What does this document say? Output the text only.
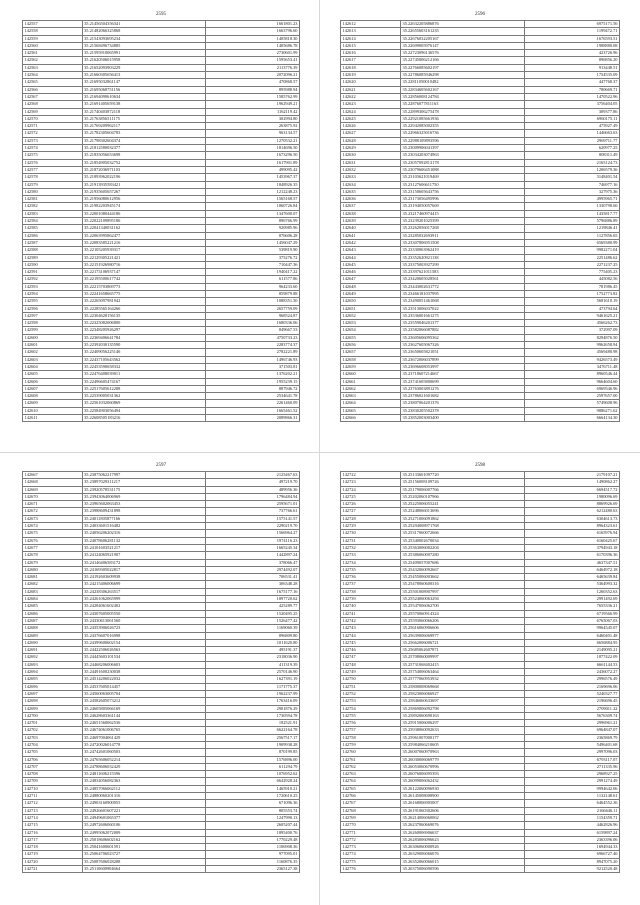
2595
142557	35.21456504356341	1661801.23
142558	35.21482066325868	1663796.60
142559	35.21543093695234	1405818.30
142560	35.21568496734885	1405686.78
142561	35.21595910065991	2730601.99
142562	35.21620506015958	1595653.41
142563	35.21652093903229	2113776.39
142564	35.21660305656413	2072096.21
142565	35.21695032861147	470868.57
142566	35.21695068751156	895988.94
142567	35.21694099610634	1585762.99
142568	35.21691405659138	1962949.21
142569	35.21740403872118	1162119.42
142570	35.21763856511175	302994.80
142571	35.21769209962117	263875.92
142572	35.21782305604783	963134.57
142573	35.21798302604374	1270532.21
142574	35.21812580032377	1814696.50
142575	35.21835056653698	1673296.50
142576	35.21854905032752	1617901.89
142577	35.21872036971103	499095.42
142578	35.21893962022196	1453967.37
142579	35.21913935583421	1848926.35
142580	35.21935605657267	1212248.23
142581	35.21956080612956	1565168.57
142582	35.21982203945174	1860726.84
142583	35.22001080444186	1347600.07
142584	35.22022109895186	896766.99
142585	35.22041340031162	920985.96
142586	35.22063995862477	876606.28
142587	35.22083585221216	1456047.29
142588	35.22105205939317	539819.90
142589	35.22129305221421	375276.72
142590	35.22151926980716	710447.36
142591	35.22173106937147	1940417.22
142592	35.22195500617742	611577.86
142593	35.22215703869773	964233.60
142594	35.22241658665775	859879.88
142595	35.22265097981942	1088351.50
142596	35.22285565164266	2657759.09
142597	35.22304628156135	968524.87
142598	35.22325082006800	1680336.06
142599	35.22348205926297	849667.53
142600	35.22369406641784	4750733.23
142601	35.22392030135590	2283774.37
142602	35.22409056225146	2782221.89
142603	35.22437105643562	1496746.93
142604	35.22453590658332	371503.81
142605	35.22476408039011	1376202.21
142606	35.22496605474167	1955239.15
142607	35.22517605612288	887946.72
142608	35.22539005031362	2534641.78
142609	35.22561032060869	2261460.09
142610	35.22584903056494	1665461.52
142611	35.22608505183216	2089866.31
2596
142612	35.22632205886876	6975171.56
142613	35.22655603161235	1199472.71
142614	35.22676032205167	1676593.51
142615	35.22699005976147	1988880.08
142616	35.22723096136576	423726.96
142617	35.22745006212166	896856.20
142618	35.22766085602197	913448.51
142619	35.22786085946298	1754535.09
142620	35.22811050010482	447768.37
142621	35.22834605602167	780669.71
142622	35.22856008124784	1470522.96
142623	35.22876077811163	3756404.05
142624	35.22899306275478	309377.86
142625	35.22921085661936	6960175.11
142626	35.22942085002355	475927.49
142627	35.22966325016736	1446663.63
142628	35.22988109893596	2969711.77
142629	35.23009906041397	620977.25
142630	35.23034203074963	808311.49
142631	35.23057092813178	2165124.73
142632	35.23079606451088	1206579.36
142633	35.23103621019469	3148401.54
142634	35.23127606611750	746977.16
142635	35.23150605643756	327975.36
142636	35.23173056495996	4995965.71
142637	35.23194050057669	1330798.66
142638	35.23217460974415	1435817.77
142639	35.23239201025399	5796886.89
142640	35.23262056017268	1219846.41
142641	35.23285032693911	1127856.65
142642	35.23307806951508	6569380.99
142643	35.23330063962419	9982271.04
142644	35.23352620921138	2251486.62
142645	35.23375003927299	2271237.25
142646	35.23397621011583	775405.23
142647	35.23420605028561	445082.56
142648	35.23443002631772	781986.45
142649	35.23466181037995	1752773.82
142650	35.23490051461068	5681610.19
142651	35.23513006037022	473794.64
142652	35.23536001661275	9461625.21
142653	35.23559046201377	4566262.73
142654	35.23582066087882	372997.09
142655	35.23605606095362	8294876.50
142656	35.23627605067326	9962658.94
142657	35.23650605821051	4569480.98
142658	35.23672006037899	9426573.49
142659	35.23696608053997	3476711.48
142660	35.23718607214667	8960546.44
142661	35.23741605800699	9664604.60
142662	35.23763003891276	6969546.96
142663	35.23786021601682	2597657.00
142664	35.23807064201376	5749608.96
142665	35.23830205502378	9886271.62
142666	35.23852003003400	6664134.30
2597
142667	35.23875062217997	2125467.63
142668	35.23897029311217	497219.70
142669	35.23920578531175	489956.36
142670	35.23943064006969	1796484.94
142671	35.23965602063453	2595671.01
142672	35.23988609431898	737766.61
142673	35.24011805877166	1575141.57
142674	35.24033601516482	2290219.70
142675	35.24056206202316	1566964.27
142676	35.24078606281132	1974116.23
142677	35.24101603521217	1665245.34
142678	35.24124065921907	1442897.24
142679	35.24146406583172	378066.47
142680	35.24169305022817	2974492.07
142681	35.24192603609938	706531.41
142682	35.24215406006699	306348.28
142683	35.24238306263517	1675177.16
142684	35.24261062065999	1897720.62
142685	35.24284061602402	425289.77
142686	35.24307605005550	1520495.25
142687	35.24330613061560	1526477.42
142688	35.24353906026723	1169060.39
142689	35.24376607016998	896809.80
142690	35.24399600602154	1011620.80
142691	35.24422506026563	495191.37
142692	35.24445603101534	2318036.90
142693	35.24468206006603	411319.39
142694	35.24491600230038	2570146.90
142695	35.24514206022032	1627391.19
142696	35.24537605014457	1171775.37
142697	35.24560063005704	1962237.99
142698	35.24582605073212	1763416.09
142699	35.24605805066169	2901876.29
142700	35.24628603361144	1730594.78
142701	35.24651560062536	192521.91
142702	35.24674061006765	6622164.78
142703	35.24697004061429	2567517.17
142704	35.24720026014778	1909938.28
142705	35.24742601060503	870199.85
142706	35.24765606052214	1576896.00
142707	35.24788606032429	611294.79
142708	35.24811606215396	1076952.62
142709	35.24834056082363	6642928.24
142710	35.24857066062112	1465910.21
142711	35.24880060201316	1720610.25
142712	35.24903160900055	671096.36
142713	35.24926601607221	805553.74
142714	35.24949601065377	1247990.13
142715	35.24972606060106	2605207.44
142716	35.24995062072009	1895400.76
142717	35.25018606602162	1770229.48
142718	35.25041600601591	1106908.36
142719	35.25064706023727	977095.01
142720	35.25087606028288	1160876.35
142721	35.25110600904664	2365127.38
2598
142722	35.25133601097720	2179107.21
142723	35.25156008109726	1490862.27
142724	35.25179006007766	6694517.72
142725	35.25202060107966	1980096.69
142726	35.25225006055241	8869926.69
142727	35.25248066013696	6212480.63
142728	35.25271006091862	6304613.73
142729	35.25294008971768	8964323.61
142730	35.25317060072666	6165976.94
142731	35.25340002670034	6160425.67
142732	35.25363006002204	3794943.18
142733	35.25386060007280	6170396.36
142734	35.25409057007686	4637347.51
142735	35.25432060092667	6464972.18
142736	35.25455006003662	6465639.84
142737	35.25478060600316	5364993.32
142738	35.25501008907997	1260352.63
142739	35.25524060063294	2991492.69
142740	35.25547006062700	7655336.21
142741	35.25570060914324	6719566.99
142742	35.25593060066206	6765067.03
142743	35.25616060906606	9964545.07
142744	35.25639006069977	6460401.48
142745	35.25662006006721	6656884.95
142746	35.25685062607871	2149095.21
142747	35.25708060009997	1877422.09
142748	35.25731068402415	6661144.53
142749	35.25754006063464	2436072.27
142750	35.25777060953932	2996576.49
142751	35.25800008069668	2169696.06
142752	35.25823006066927	5240327.77
142753	35.25846060633697	2196696.45
142754	35.25869006092798	2709011.22
142755	35.25892060690163	5676309.74
142756	35.25915006006297	2996961.21
142757	35.25938060092633	6964847.07
142758	35.25961007000177	2365869.79
142759	35.25984066210605	5496401.68
142760	35.26007060970963	2997096.03
142761	35.26030006069779	6793117.07
142762	35.26053060670996	2711335.96
142763	35.26076006095393	2968927.25
142764	35.26099006062432	2991274.49
142765	35.26122060096930	9994642.06
142766	35.26145008008900	1132148.61
142767	35.26168006905007	6464552.36
142768	35.26191060302606	2166646.11
142769	35.26214006060062	1154359.71
142770	35.26237060669076	4462826.96
142771	35.26260006906637	6159897.24
142772	35.26283006096623	2363396.06
142773	35.26306060000926	1694944.33
142774	35.26329006066076	6966727.46
142775	35.26352060066015	8947075.20
142776	35.26375006090596	9212520.48
